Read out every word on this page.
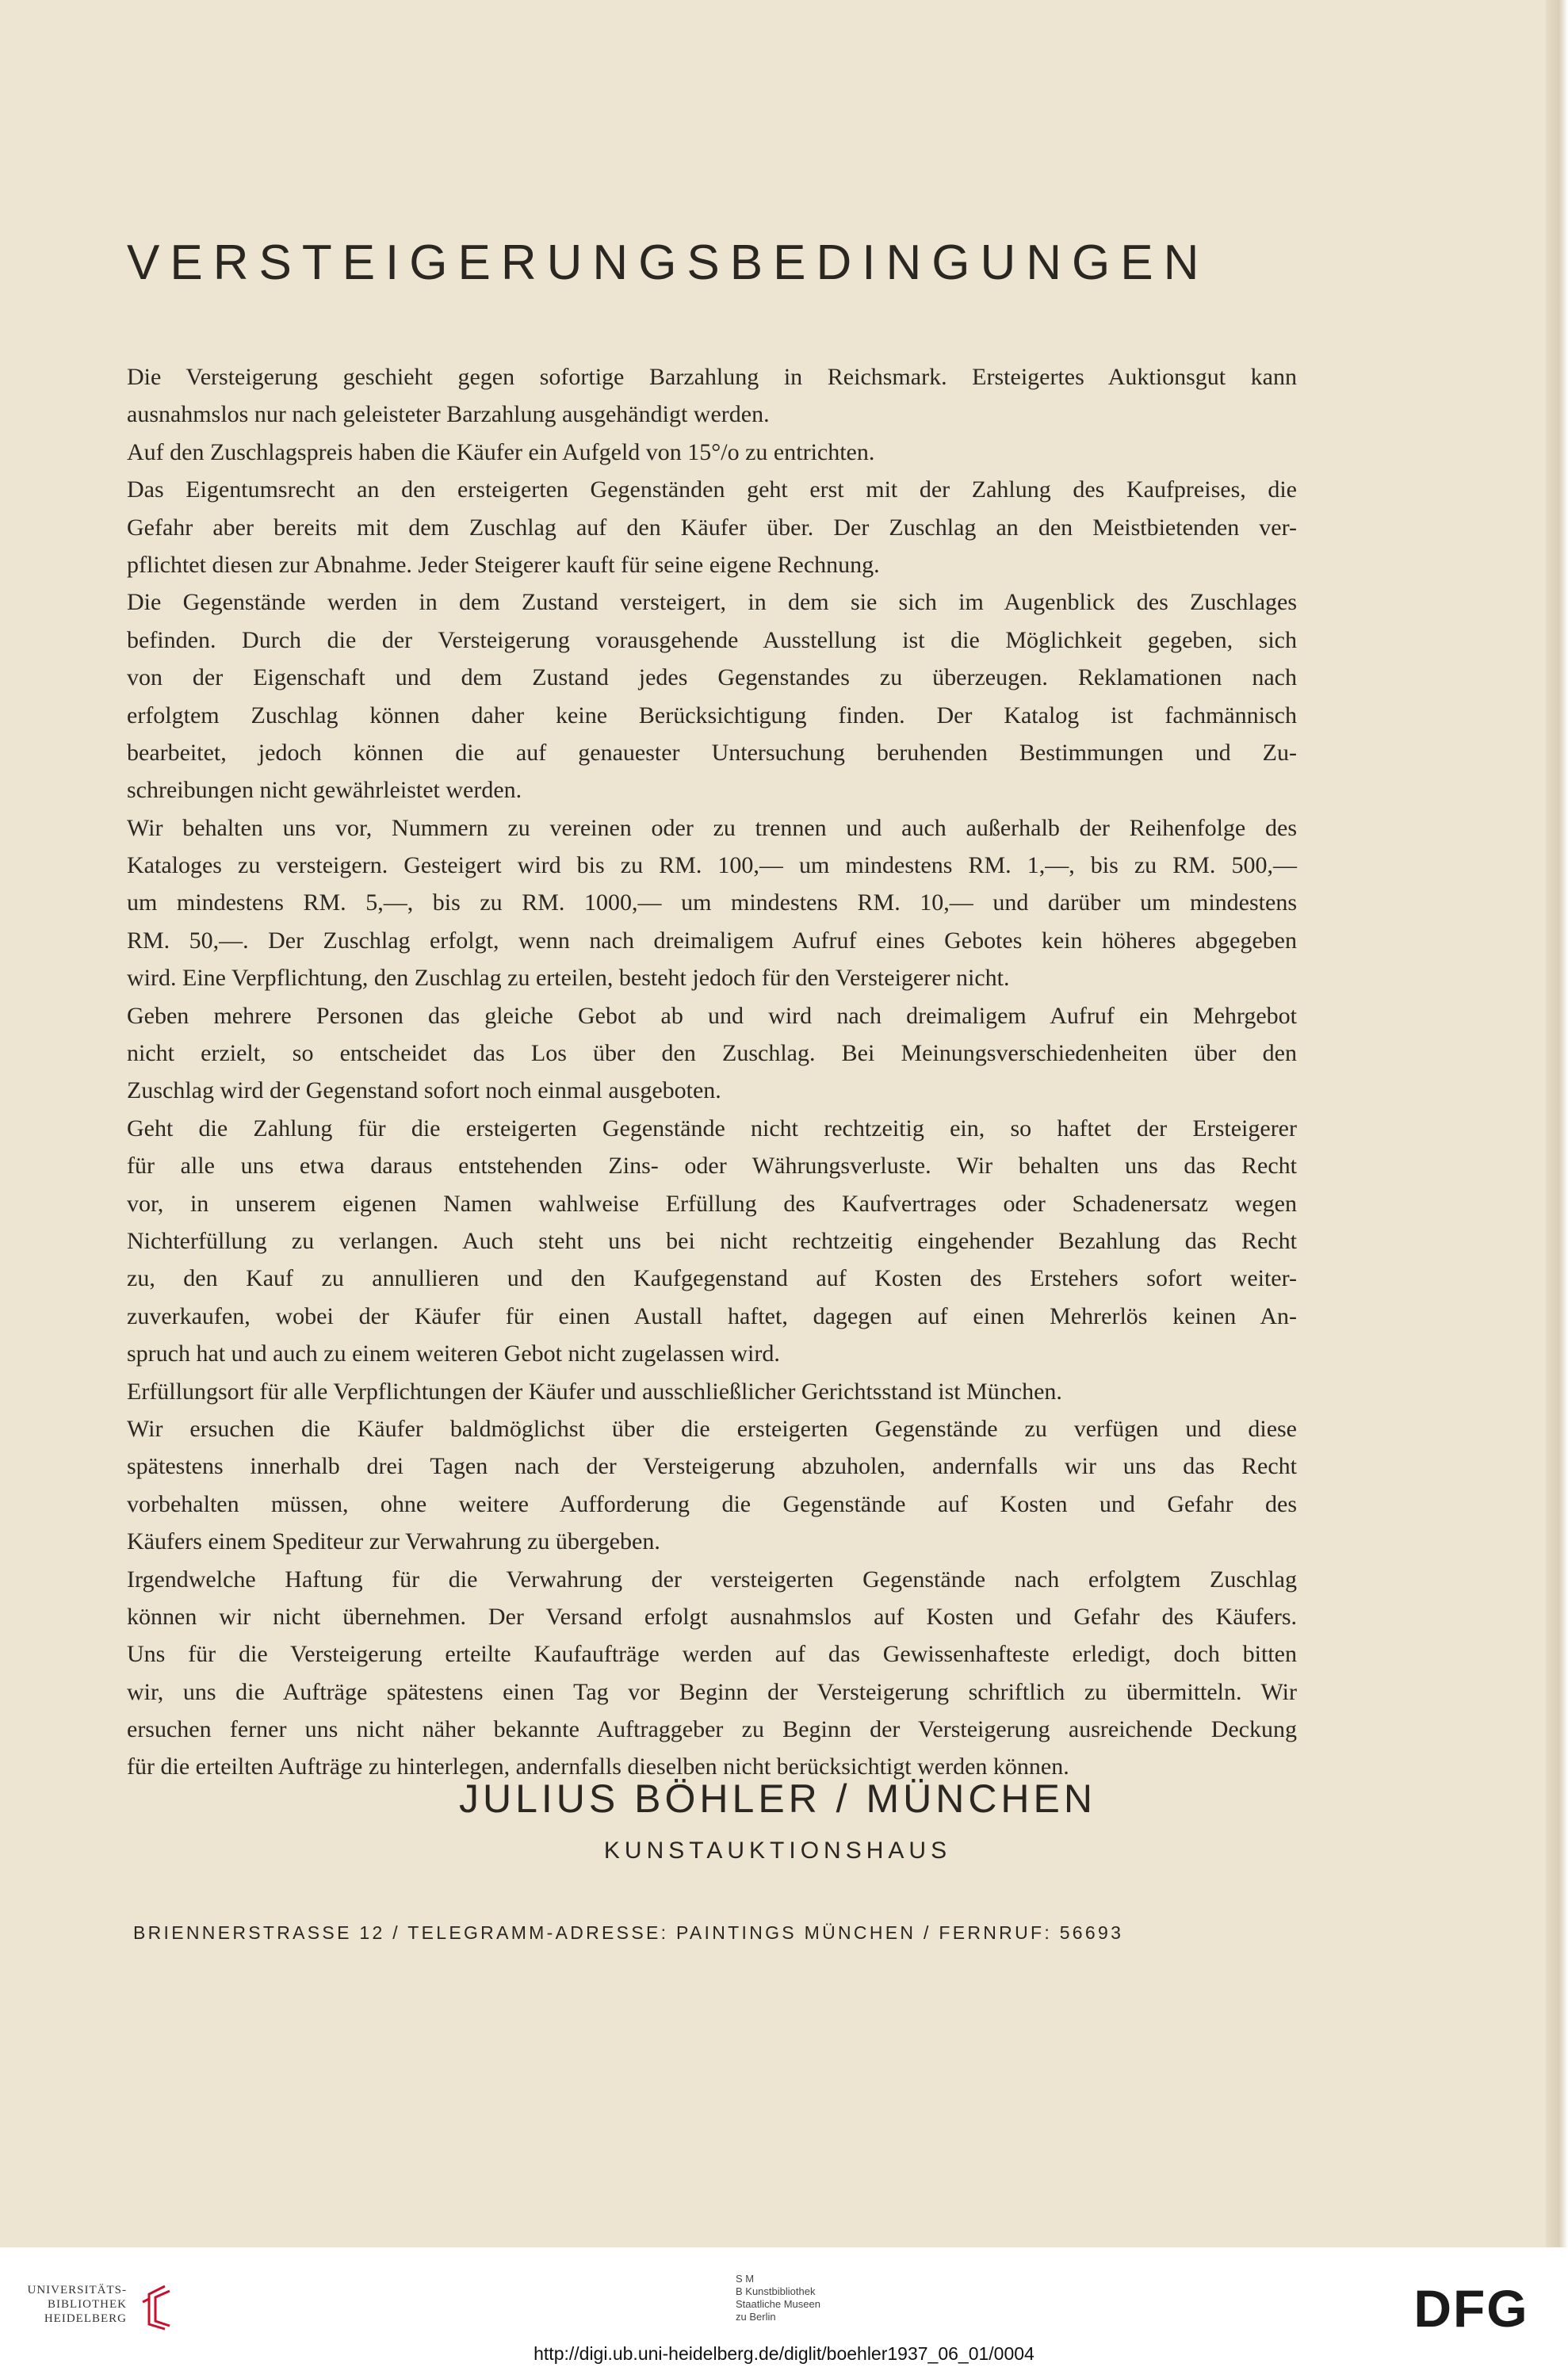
VERSTEIGERUNGSBEDINGUNGEN
Die Versteigerung geschieht gegen sofortige Barzahlung in Reichsmark. Ersteigertes Auktionsgut kann
ausnahmslos nur nach geleisteter Barzahlung ausgehändigt werden.
Auf den Zuschlagspreis haben die Käufer ein Aufgeld von 15°/o zu entrichten.
Das Eigentumsrecht an den ersteigerten Gegenständen geht erst mit der Zahlung des Kaufpreises, die
Gefahr aber bereits mit dem Zuschlag auf den Käufer über. Der Zuschlag an den Meistbietenden ver-
pflichtet diesen zur Abnahme. Jeder Steigerer kauft für seine eigene Rechnung.
Die Gegenstände werden in dem Zustand versteigert, in dem sie sich im Augenblick des Zuschlages
befinden. Durch die der Versteigerung vorausgehende Ausstellung ist die Möglichkeit gegeben, sich
von der Eigenschaft und dem Zustand jedes Gegenstandes zu überzeugen. Reklamationen nach
erfolgtem Zuschlag können daher keine Berücksichtigung finden. Der Katalog ist fachmännisch
bearbeitet, jedoch können die auf genauester Untersuchung beruhenden Bestimmungen und Zu-
schreibungen nicht gewährleistet werden.
Wir behalten uns vor, Nummern zu vereinen oder zu trennen und auch außerhalb der Reihenfolge des
Kataloges zu versteigern. Gesteigert wird bis zu RM. 100,— um mindestens RM. 1,—, bis zu RM. 500,—
um mindestens RM. 5,—, bis zu RM. 1000,— um mindestens RM. 10,— und darüber um mindestens
RM. 50,—. Der Zuschlag erfolgt, wenn nach dreimaligem Aufruf eines Gebotes kein höheres abgegeben
wird. Eine Verpflichtung, den Zuschlag zu erteilen, besteht jedoch für den Versteigerer nicht.
Geben mehrere Personen das gleiche Gebot ab und wird nach dreimaligem Aufruf ein Mehrgebot
nicht erzielt, so entscheidet das Los über den Zuschlag. Bei Meinungsverschiedenheiten über den
Zuschlag wird der Gegenstand sofort noch einmal ausgeboten.
Geht die Zahlung für die ersteigerten Gegenstände nicht rechtzeitig ein, so haftet der Ersteigerer
für alle uns etwa daraus entstehenden Zins- oder Währungsverluste. Wir behalten uns das Recht
vor, in unserem eigenen Namen wahlweise Erfüllung des Kaufvertrages oder Schadenersatz wegen
Nichterfüllung zu verlangen. Auch steht uns bei nicht rechtzeitig eingehender Bezahlung das Recht
zu, den Kauf zu annullieren und den Kaufgegenstand auf Kosten des Erstehers sofort weiter-
zuverkaufen, wobei der Käufer für einen Austall haftet, dagegen auf einen Mehrerlös keinen An-
spruch hat und auch zu einem weiteren Gebot nicht zugelassen wird.
Erfüllungsort für alle Verpflichtungen der Käufer und ausschließlicher Gerichtsstand ist München.
Wir ersuchen die Käufer baldmöglichst über die ersteigerten Gegenstände zu verfügen und diese
spätestens innerhalb drei Tagen nach der Versteigerung abzuholen, andernfalls wir uns das Recht
vorbehalten müssen, ohne weitere Aufforderung die Gegenstände auf Kosten und Gefahr des
Käufers einem Spediteur zur Verwahrung zu übergeben.
Irgendwelche Haftung für die Verwahrung der versteigerten Gegenstände nach erfolgtem Zuschlag
können wir nicht übernehmen. Der Versand erfolgt ausnahmslos auf Kosten und Gefahr des Käufers.
Uns für die Versteigerung erteilte Kaufaufträge werden auf das Gewissenhafteste erledigt, doch bitten
wir, uns die Aufträge spätestens einen Tag vor Beginn der Versteigerung schriftlich zu übermitteln. Wir
ersuchen ferner uns nicht näher bekannte Auftraggeber zu Beginn der Versteigerung ausreichende Deckung
für die erteilten Aufträge zu hinterlegen, andernfalls dieselben nicht berücksichtigt werden können.
JULIUS BÖHLER / MÜNCHEN
KUNSTAUKTIONSHAUS
BRIENNERSTRASSE 12 / TELEGRAMM-ADRESSE: PAINTINGS MÜNCHEN / FERNRUF: 56693
UNIVERSITÄTS-
BIBLIOTHEK
HEIDELBERG
S M
B Kunstbibliothek
Staatliche Museen
zu Berlin	DFG
http://digi.ub.uni-heidelberg.de/diglit/boehler1937_06_01/0004
